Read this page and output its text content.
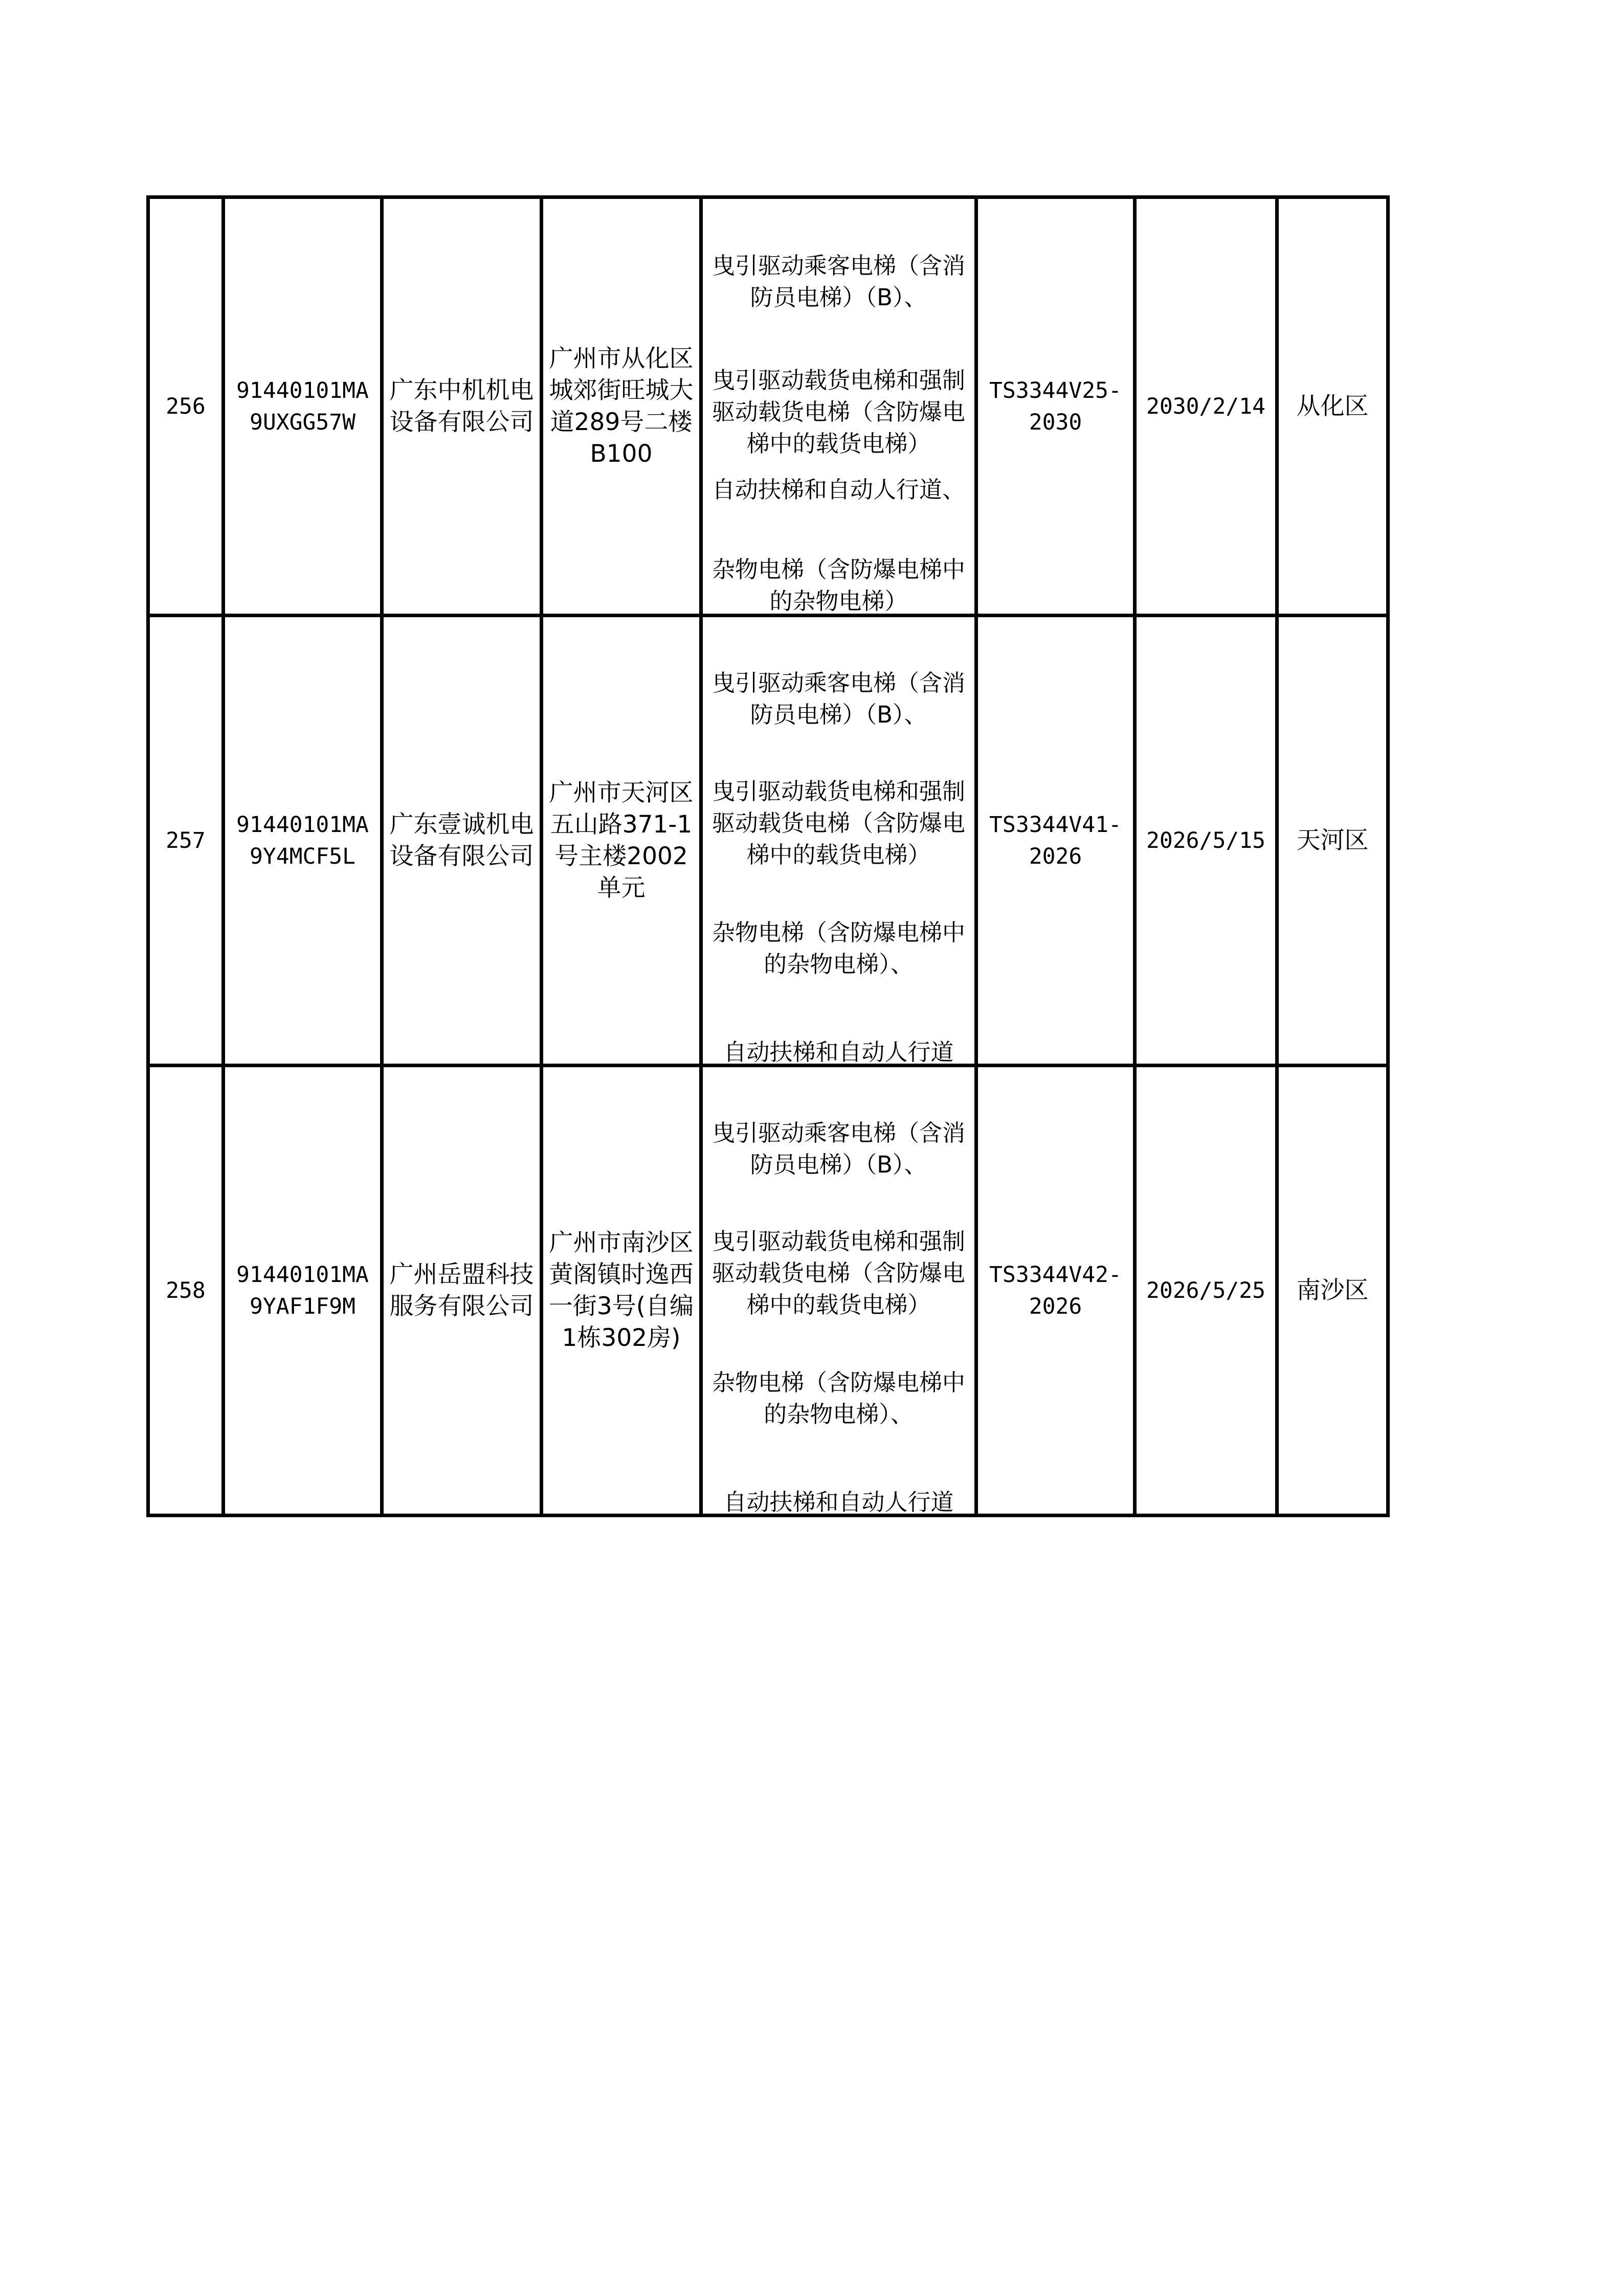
256	91440101MA9UXGG57W	广东中机机电设备有限公司	广州市从化区城郊街旺城大道289号二楼B100	曳引驱动乘客电梯（含消防员电梯）（B）、
曳引驱动载货电梯和强制驱动载货电梯（含防爆电梯中的载货电梯）
自动扶梯和自动人行道、
杂物电梯（含防爆电梯中的杂物电梯）	TS3344V25-2030	2030/2/14	从化区

257	91440101MA9Y4MCF5L	广东壹诚机电设备有限公司	广州市天河区五山路371-1号主楼2002单元	曳引驱动乘客电梯（含消防员电梯）（B）、
曳引驱动载货电梯和强制驱动载货电梯（含防爆电梯中的载货电梯）
杂物电梯（含防爆电梯中的杂物电梯）、
自动扶梯和自动人行道	TS3344V41-2026	2026/5/15	天河区

258	91440101MA9YAF1F9M	广州岳盟科技服务有限公司	广州市南沙区黄阁镇时逸西一街3号(自编1栋302房)	曳引驱动乘客电梯（含消防员电梯）（B）、
曳引驱动载货电梯和强制驱动载货电梯（含防爆电梯中的载货电梯）
杂物电梯（含防爆电梯中的杂物电梯）、
自动扶梯和自动人行道	TS3344V42-2026	2026/5/25	南沙区
